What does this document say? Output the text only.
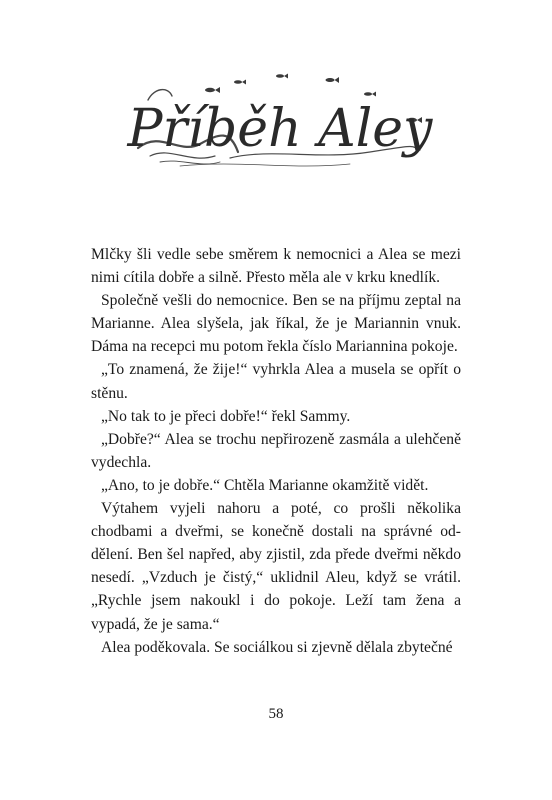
Příběh Aley

Mlčky šli vedle sebe směrem k nemocnici a Alea se mezi nimi cítila dobře a silně. Přesto měla ale v krku knedlík.

Společně vešli do nemocnice. Ben se na příjmu zeptal na Marianne. Alea slyšela, jak říkal, že je Mariannin vnuk. Dáma na recepci mu potom řekla číslo Mariannina pokoje.

„To znamená, že žije!“ vyhrkla Alea a musela se opřít o stěnu.

„No tak to je přeci dobře!“ řekl Sammy.

„Dobře?“ Alea se trochu nepřirozeně zasmála a ulehčeně vydechla.

„Ano, to je dobře.“ Chtěla Marianne okamžitě vidět.

Výtahem vyjeli nahoru a poté, co prošli několika chodbami a dveřmi, se konečně dostali na správné oddělení. Ben šel napřed, aby zjistil, zda přede dveřmi někdo nesedí. „Vzduch je čistý,“ uklidnil Aleu, když se vrátil. „Rychle jsem nakoukl i do pokoje. Leží tam žena a vypadá, že je sama.“

Alea poděkovala. Se sociálkou si zjevně dělala zbytečné

58
